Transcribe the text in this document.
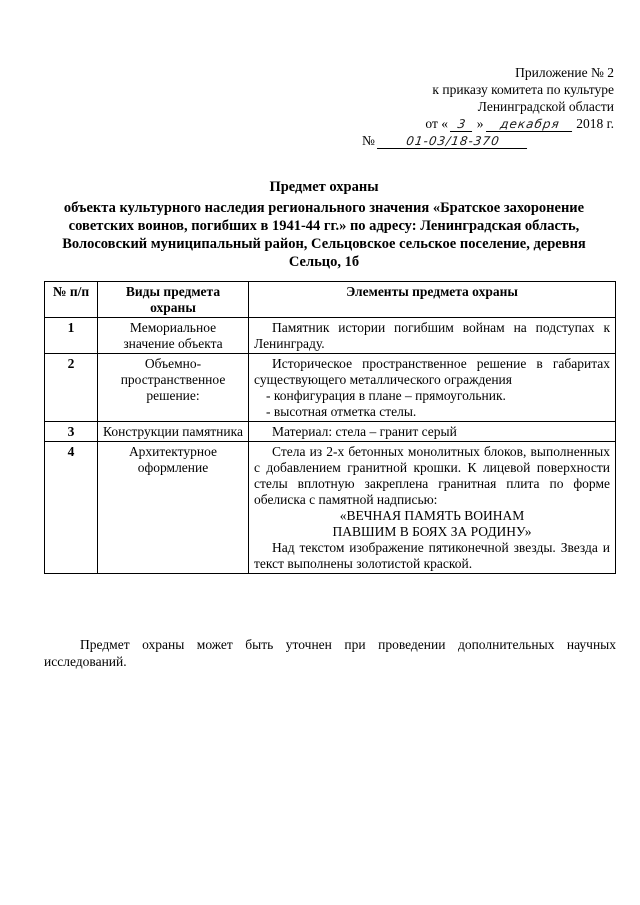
Приложение № 2
к приказу комитета по культуре
Ленинградской области
от « 3 » декабря 2018 г.
№	01-03/18-370
Предмет охраны
объекта культурного наследия регионального значения «Братское захоронение советских воинов, погибших в 1941-44 гг.» по адресу: Ленинградская область, Волосовский муниципальный район, Сельцовское сельское поселение, деревня Сельцо, 1б
№ п/п	Виды предмета охраны	Элементы предмета охраны
1	Мемориальное значение объекта	Памятник истории погибшим войнам на подступах к Ленинграду.

2	Объемно-пространственное решение:	Историческое пространственное решение в габаритах существующего металлического ограждения

- конфигурация в плане – прямоугольник.

- высотная отметка стелы.

3	Конструкции памятника	Материал: стела – гранит серый

4	Архитектурное оформление	Стела из 2-х бетонных монолитных блоков, выполненных с добавлением гранитной крошки. К лицевой поверхности стелы вплотную закреплена гранитная плита по форме обелиска с памятной надписью:

«ВЕЧНАЯ ПАМЯТЬ ВОИНАМ

ПАВШИМ В БОЯХ ЗА РОДИНУ»

Над текстом изображение пятиконечной звезды. Звезда и текст выполнены золотистой краской.

Предмет охраны может быть уточнен при проведении дополнительных научных исследований.
